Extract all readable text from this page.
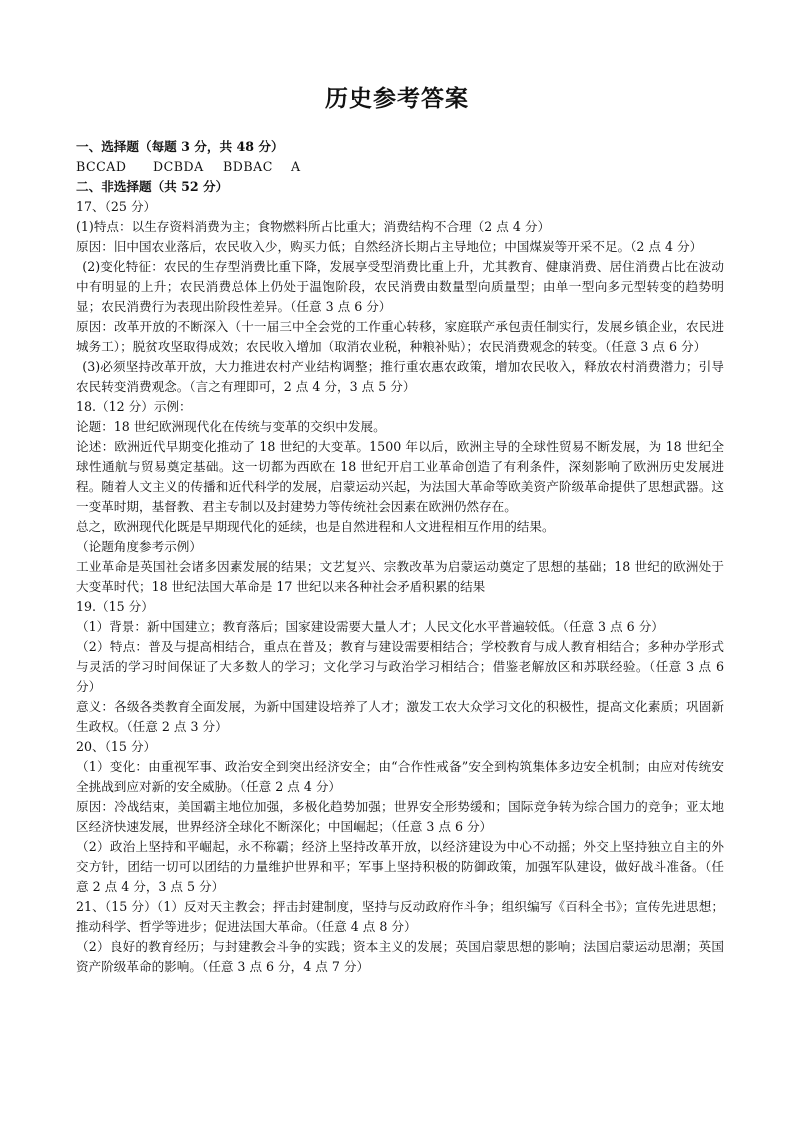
历史参考答案

一、选择题（每题 3 分，共 48 分）

BCCAD DCBDA BDBAC A

二、非选择题（共 52 分）

17、（25 分）

(1)特点：以生存资料消费为主；食物燃料所占比重大；消费结构不合理（2 点 4 分）

原因：旧中国农业落后，农民收入少，购买力低；自然经济长期占主导地位；中国煤炭等开采不足。（2 点 4 分）

(2)变化特征：农民的生存型消费比重下降，发展享受型消费比重上升，尤其教育、健康消费、居住消费占比在波动中有明显的上升；农民消费总体上仍处于温饱阶段，农民消费由数量型向质量型；由单一型向多元型转变的趋势明显；农民消费行为表现出阶段性差异。（任意 3 点 6 分）

原因：改革开放的不断深入（十一届三中全会党的工作重心转移，家庭联产承包责任制实行，发展乡镇企业，农民进城务工）；脱贫攻坚取得成效；农民收入增加（取消农业税，种粮补贴）；农民消费观念的转变。（任意 3 点 6 分）

(3)必须坚持改革开放，大力推进农村产业结构调整；推行重农惠农政策，增加农民收入，释放农村消费潜力；引导农民转变消费观念。（言之有理即可，2 点 4 分，3 点 5 分）

18.（12 分）示例：

论题：18 世纪欧洲现代化在传统与变革的交织中发展。

论述：欧洲近代早期变化推动了 18 世纪的大变革。1500 年以后，欧洲主导的全球性贸易不断发展，为 18 世纪全球性通航与贸易奠定基础。这一切都为西欧在 18 世纪开启工业革命创造了有利条件，深刻影响了欧洲历史发展进程。随着人文主义的传播和近代科学的发展，启蒙运动兴起，为法国大革命等欧美资产阶级革命提供了思想武器。这一变革时期，基督教、君主专制以及封建势力等传统社会因素在欧洲仍然存在。

总之，欧洲现代化既是早期现代化的延续，也是自然进程和人文进程相互作用的结果。

（论题角度参考示例）

工业革命是英国社会诸多因素发展的结果；文艺复兴、宗教改革为启蒙运动奠定了思想的基础；18 世纪的欧洲处于大变革时代；18 世纪法国大革命是 17 世纪以来各种社会矛盾积累的结果

19.（15 分）

（1）背景：新中国建立；教育落后；国家建设需要大量人才；人民文化水平普遍较低。（任意 3 点 6 分）

（2）特点：普及与提高相结合，重点在普及；教育与建设需要相结合；学校教育与成人教育相结合；多种办学形式与灵活的学习时间保证了大多数人的学习；文化学习与政治学习相结合；借鉴老解放区和苏联经验。（任意 3 点 6 分）

意义：各级各类教育全面发展，为新中国建设培养了人才；激发工农大众学习文化的积极性，提高文化素质；巩固新生政权。（任意 2 点 3 分）

20、（15 分）

（1）变化：由重视军事、政治安全到突出经济安全；由“合作性戒备”安全到构筑集体多边安全机制；由应对传统安全挑战到应对新的安全威胁。（任意 2 点 4 分）

原因：冷战结束，美国霸主地位加强，多极化趋势加强；世界安全形势缓和；国际竞争转为综合国力的竞争；亚太地区经济快速发展，世界经济全球化不断深化；中国崛起；（任意 3 点 6 分）

（2）政治上坚持和平崛起，永不称霸；经济上坚持改革开放，以经济建设为中心不动摇；外交上坚持独立自主的外交方针，团结一切可以团结的力量维护世界和平；军事上坚持积极的防御政策，加强军队建设，做好战斗准备。（任意 2 点 4 分，3 点 5 分）

21、（15 分）（1）反对天主教会；抨击封建制度，坚持与反动政府作斗争；组织编写《百科全书》；宣传先进思想；推动科学、哲学等进步；促进法国大革命。（任意 4 点 8 分）

（2）良好的教育经历；与封建教会斗争的实践；资本主义的发展；英国启蒙思想的影响；法国启蒙运动思潮；英国资产阶级革命的影响。（任意 3 点 6 分，4 点 7 分）
